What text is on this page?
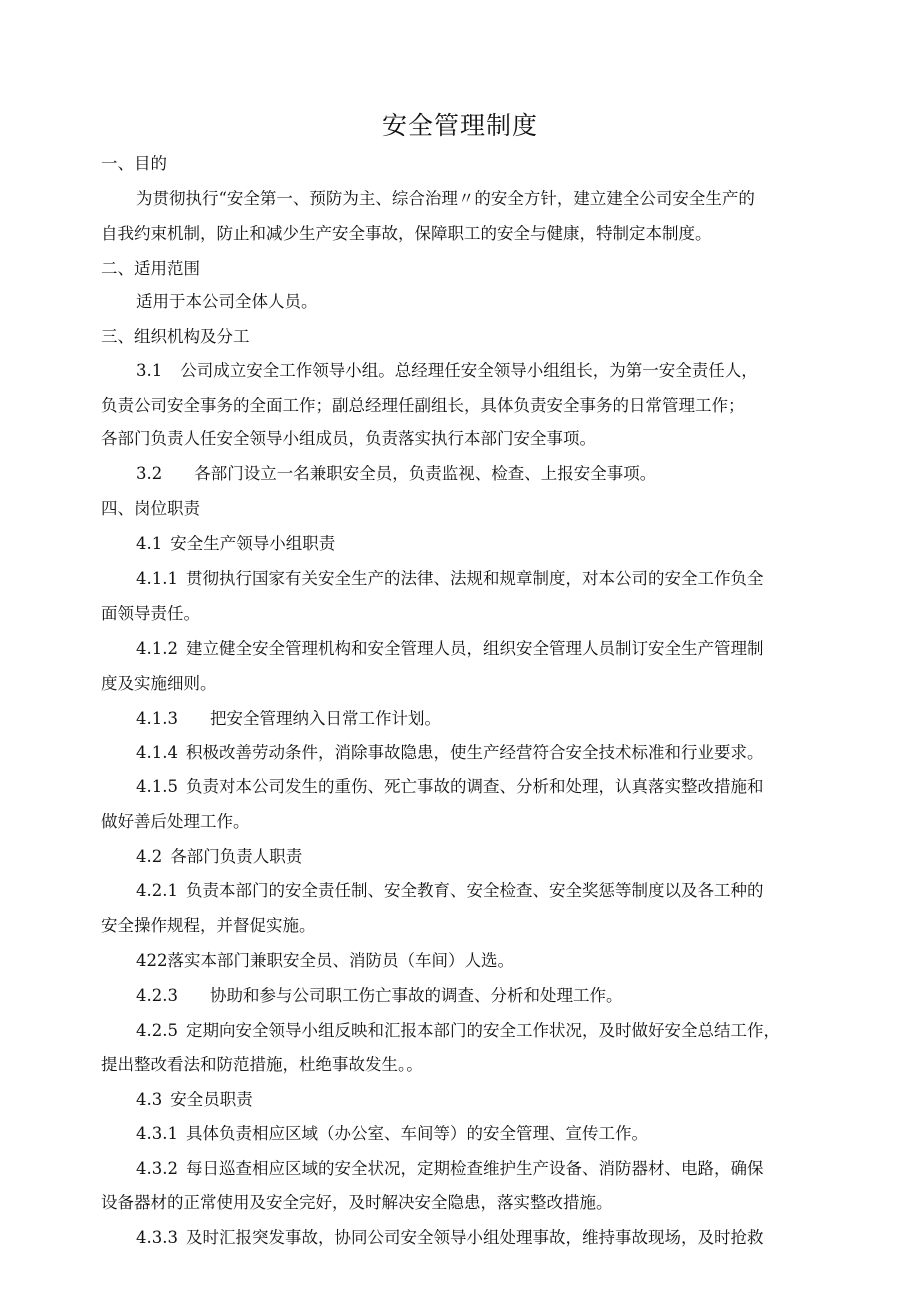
安全管理制度
一、目的
为贯彻执行“安全第一、预防为主、综合治理〃的安全方针，建立建全公司安全生产的
自我约束机制，防止和减少生产安全事故，保障职工的安全与健康，特制定本制度。
二、适用范围
适用于本公司全体人员。
三、组织机构及分工
3.1 公司成立安全工作领导小组。总经理任安全领导小组组长，为第一安全责任人，
负责公司安全事务的全面工作；副总经理任副组长，具体负责安全事务的日常管理工作；
各部门负责人任安全领导小组成员，负责落实执行本部门安全事项。
3.2 各部门设立一名兼职安全员，负责监视、检查、上报安全事项。
四、岗位职责
4.1 安全生产领导小组职责
4.1.1 贯彻执行国家有关安全生产的法律、法规和规章制度，对本公司的安全工作负全
面领导责任。
4.1.2 建立健全安全管理机构和安全管理人员，组织安全管理人员制订安全生产管理制
度及实施细则。
4.1.3 把安全管理纳入日常工作计划。
4.1.4 积极改善劳动条件，消除事故隐患，使生产经营符合安全技术标准和行业要求。
4.1.5 负责对本公司发生的重伤、死亡事故的调查、分析和处理，认真落实整改措施和
做好善后处理工作。
4.2 各部门负责人职责
4.2.1 负责本部门的安全责任制、安全教育、安全检查、安全奖惩等制度以及各工种的
安全操作规程，并督促实施。
422落实本部门兼职安全员、消防员（车间）人选。
4.2.3 协助和参与公司职工伤亡事故的调查、分析和处理工作。
4.2.5 定期向安全领导小组反映和汇报本部门的安全工作状况，及时做好安全总结工作，
提出整改看法和防范措施，杜绝事故发生。。
4.3 安全员职责
4.3.1 具体负责相应区域（办公室、车间等）的安全管理、宣传工作。
4.3.2 每日巡查相应区域的安全状况，定期检查维护生产设备、消防器材、电路，确保
设备器材的正常使用及安全完好，及时解决安全隐患，落实整改措施。
4.3.3 及时汇报突发事故，协同公司安全领导小组处理事故，维持事故现场，及时抢救
